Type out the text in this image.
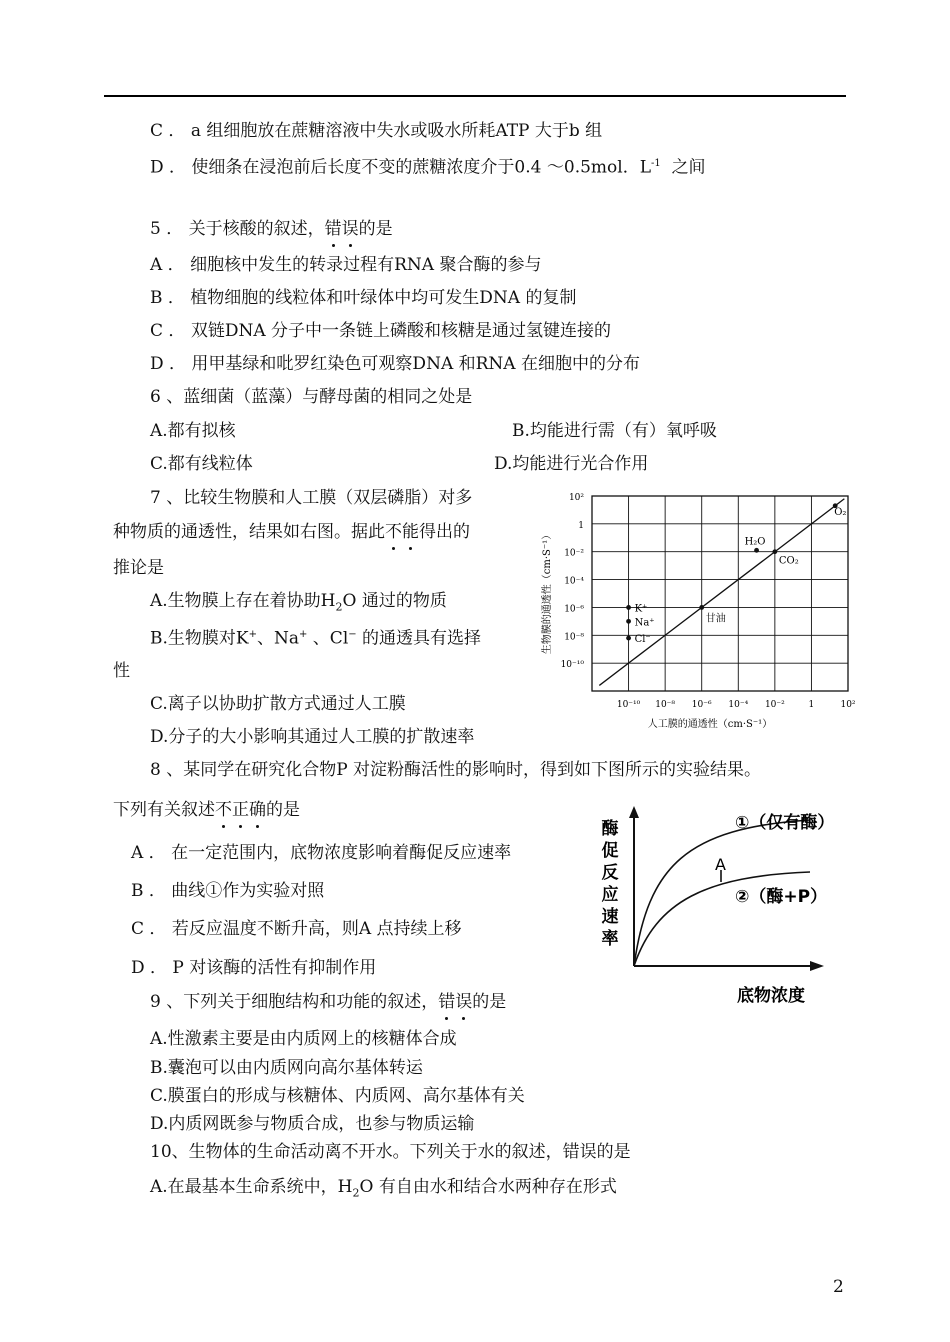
C ． a 组细胞放在蔗糖溶液中失水或吸水所耗ATP 大于b 组
D ． 使细条在浸泡前后长度不变的蔗糖浓度介于0.4 ～0.5mol．$L^{-1}$ 之间
5 ． 关于核酸的叙述，错误的是
A ． 细胞核中发生的转录过程有RNA 聚合酶的参与
B ． 植物细胞的线粒体和叶绿体中均可发生DNA 的复制
C ． 双链DNA 分子中一条链上磷酸和核糖是通过氢键连接的
D ． 用甲基绿和吡罗红染色可观察DNA 和RNA 在细胞中的分布
6 、蓝细菌（蓝藻）与酵母菌的相同之处是
A.都有拟核	B.均能进行需（有）氧呼吸
C.都有线粒体	D.均能进行光合作用
7 、比较生物膜和人工膜（双层磷脂）对多
种物质的通透性，结果如右图。据此不能得出的
推论是
A.生物膜上存在着协助$H_2O$ 通过的物质
B.生物膜对K+、Na+ 、Cl− 的通透具有选择
性
C.离子以协助扩散方式通过人工膜
D.分子的大小影响其通过人工膜的扩散速率
10²
1
10⁻²
10⁻⁴
10⁻⁶
10⁻⁸
10⁻¹⁰
10⁻¹⁰ 10⁻⁸ 10⁻⁶ 10⁻⁴ 10⁻²	1	10²
O₂
H₂O
CO₂
甘油
K⁺
Na⁺
Cl⁻
生物膜的通透性（cm·S⁻¹）
人工膜的通透性（cm·S⁻¹）
8 、某同学在研究化合物P 对淀粉酶活性的影响时，得到如下图所示的实验结果。
下列有关叙述不正确的是
A ． 在一定范围内，底物浓度影响着酶促反应速率
B ． 曲线①作为实验对照
C ． 若反应温度不断升高，则A 点持续上移
D ． P 对该酶的活性有抑制作用
酶
促
反
应
速
率
A
①（仅有酶）
②（酶+P）
底物浓度
9 、下列关于细胞结构和功能的叙述，错误的是
A.性激素主要是由内质网上的核糖体合成
B.囊泡可以由内质网向高尔基体转运
C.膜蛋白的形成与核糖体、内质网、高尔基体有关
D.内质网既参与物质合成，也参与物质运输
10、生物体的生命活动离不开水。下列关于水的叙述，错误的是
A.在最基本生命系统中，$H_2O$ 有自由水和结合水两种存在形式
2
